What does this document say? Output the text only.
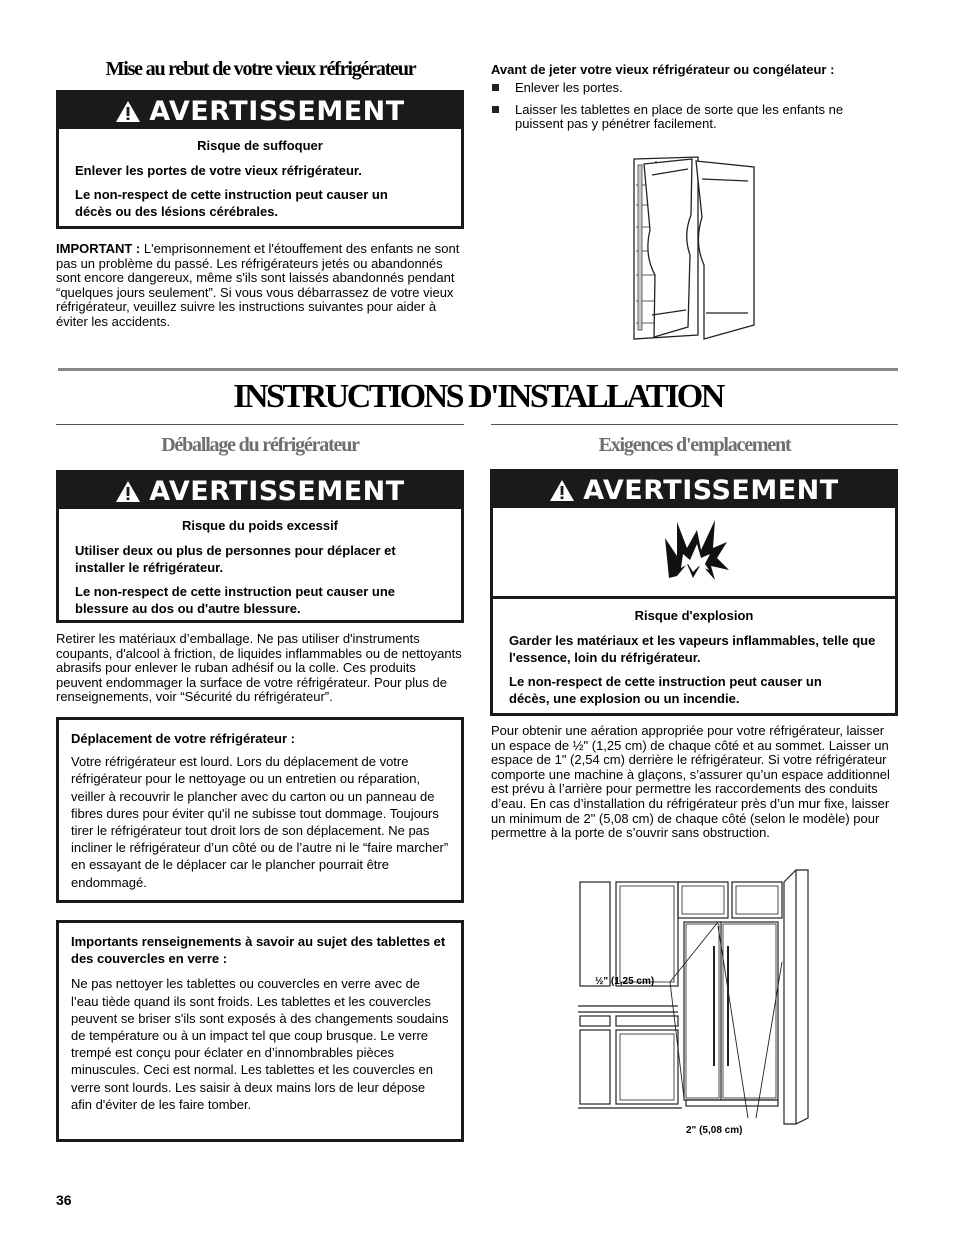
Mise au rebut de votre vieux réfrigérateur
AVERTISSEMENT
Risque de suffoquer

Enlever les portes de votre vieux réfrigérateur.

Le non-respect de cette instruction peut causer un décès ou des lésions cérébrales.

IMPORTANT : L'emprisonnement et l'étouffement des enfants ne sont pas un problème du passé. Les réfrigérateurs jetés ou abandonnés sont encore dangereux, même s'ils sont laissés abandonnés pendant “quelques jours seulement”. Si vous vous débarrassez de votre vieux réfrigérateur, veuillez suivre les instructions suivantes pour aider à éviter les accidents.
Avant de jeter votre vieux réfrigérateur ou congélateur :
Enlever les portes.
Laisser les tablettes en place de sorte que les enfants ne puissent pas y pénétrer facilement.
INSTRUCTIONS D'INSTALLATION
Déballage du réfrigérateur
AVERTISSEMENT
Risque du poids excessif

Utiliser deux ou plus de personnes pour déplacer et installer le réfrigérateur.

Le non-respect de cette instruction peut causer une blessure au dos ou d'autre blessure.

Retirer les matériaux d’emballage. Ne pas utiliser d'instruments coupants, d'alcool à friction, de liquides inflammables ou de nettoyants abrasifs pour enlever le ruban adhésif ou la colle. Ces produits peuvent endommager la surface de votre réfrigérateur. Pour plus de renseignements, voir “Sécurité du réfrigérateur”.
Déplacement de votre réfrigérateur :
Votre réfrigérateur est lourd. Lors du déplacement de votre réfrigérateur pour le nettoyage ou un entretien ou réparation, veiller à recouvrir le plancher avec du carton ou un panneau de fibres dures pour éviter qu'il ne subisse tout dommage. Toujours tirer le réfrigérateur tout droit lors de son déplacement. Ne pas incliner le réfrigérateur d’un côté ou de l’autre ni le “faire marcher” en essayant de le déplacer car le plancher pourrait être endommagé.
Importants renseignements à savoir au sujet des tablettes et des couvercles en verre :
Ne pas nettoyer les tablettes ou couvercles en verre avec de l’eau tiède quand ils sont froids. Les tablettes et les couvercles peuvent se briser s'ils sont exposés à des changements soudains de température ou à un impact tel que coup brusque. Le verre trempé est conçu pour éclater en d’innombrables pièces minuscules. Ceci est normal. Les tablettes et les couvercles en verre sont lourds. Les saisir à deux mains lors de leur dépose afin d'éviter de les faire tomber.
Exigences d'emplacement
AVERTISSEMENT
Risque d'explosion

Garder les matériaux et les vapeurs inflammables, telle que l'essence, loin du réfrigérateur.

Le non-respect de cette instruction peut causer un décès, une explosion ou un incendie.

Pour obtenir une aération appropriée pour votre réfrigérateur, laisser un espace de ½" (1,25 cm) de chaque côté et au sommet. Laisser un espace de 1" (2,54 cm) derrière le réfrigérateur. Si votre réfrigérateur comporte une machine à glaçons, s’assurer qu’un espace additionnel est prévu à l’arrière pour permettre les raccordements des conduits d’eau. En cas d’installation du réfrigérateur près d’un mur fixe, laisser un minimum de 2" (5,08 cm) de chaque côté (selon le modèle) pour permettre à la porte de s’ouvrir sans obstruction.
½" (1,25 cm)
2" (5,08 cm)
36
